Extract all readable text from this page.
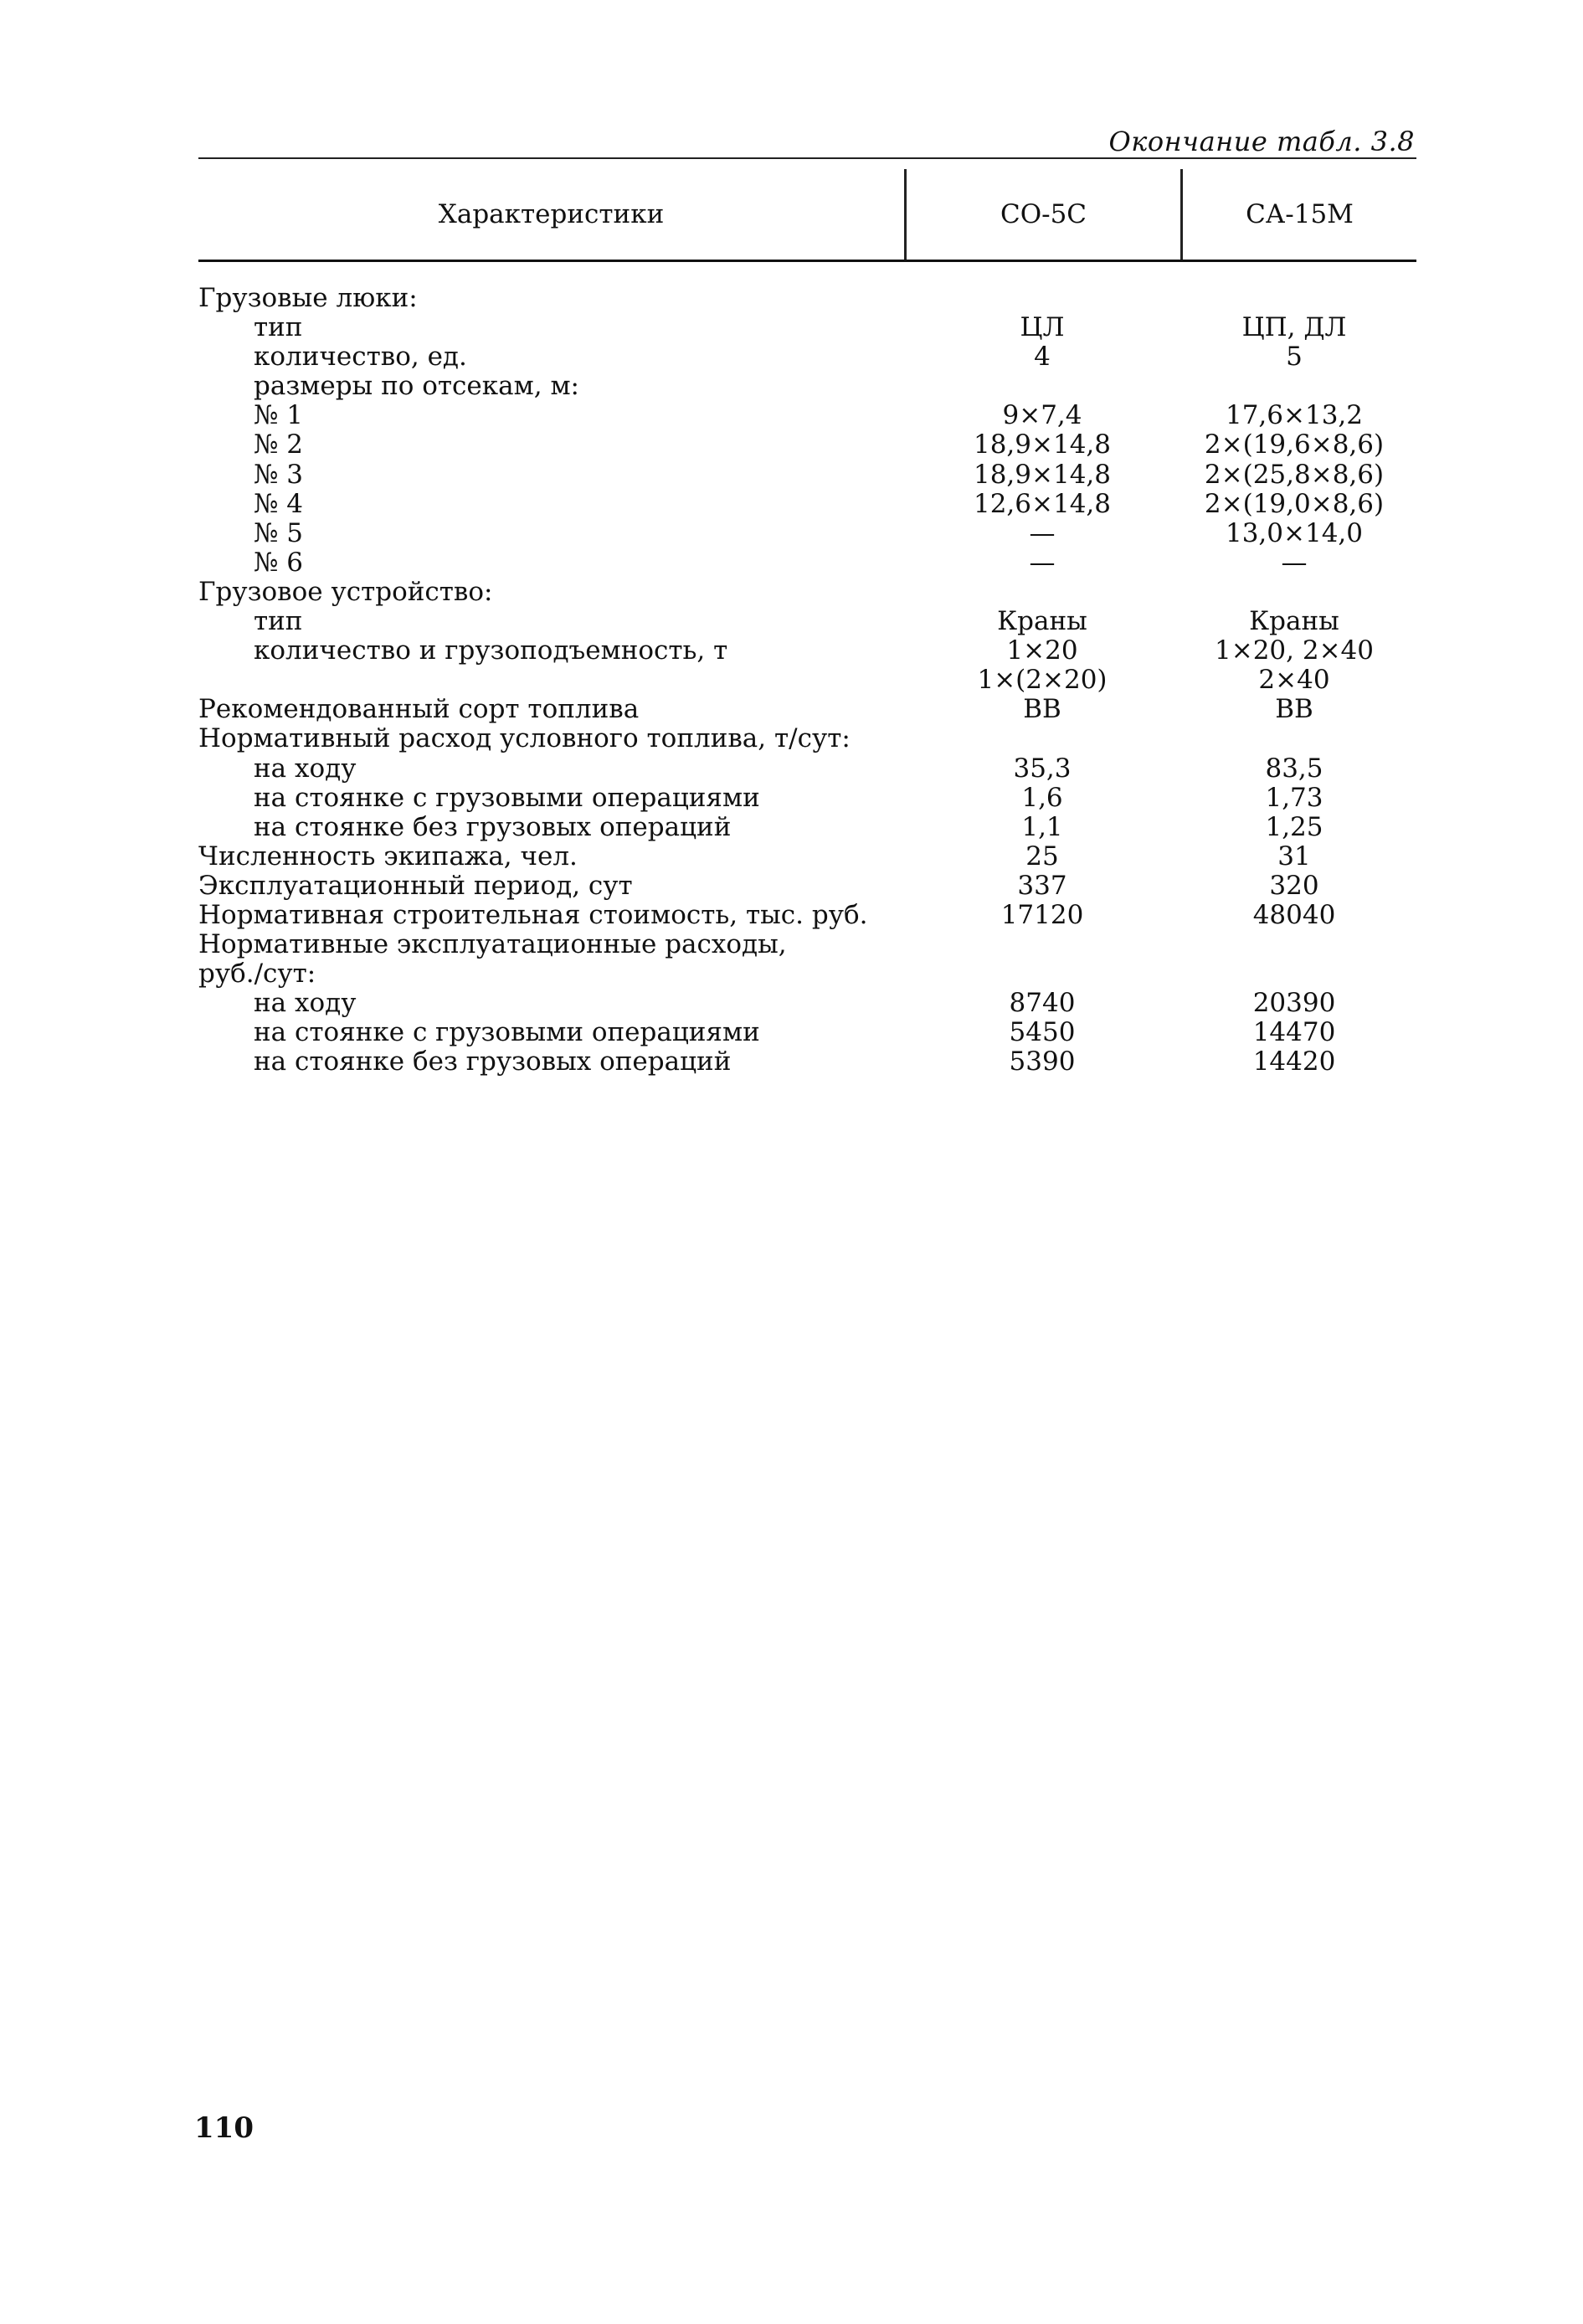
Окончание табл. 3.8
Характеристики	СО-5С	СА-15М
Грузовые люки:
тип	ЦЛ	ЦП, ДЛ
количество, ед.	4	5
размеры по отсекам, м:
№ 1	9×7,4	17,6×13,2
№ 2	18,9×14,8	2×(19,6×8,6)
№ 3	18,9×14,8	2×(25,8×8,6)
№ 4	12,6×14,8	2×(19,0×8,6)
№ 5	—	13,0×14,0
№ 6	—	—
Грузовое устройство:
тип	Краны	Краны
количество и грузоподъемность, т	1×20	1×20, 2×40
1×(2×20)	2×40
Рекомендованный сорт топлива	ВВ	ВВ
Нормативный расход условного топлива, т/сут:
на ходу	35,3	83,5
на стоянке с грузовыми операциями	1,6	1,73
на стоянке без грузовых операций	1,1	1,25
Численность экипажа, чел.	25	31
Эксплуатационный период, сут	337	320
Нормативная строительная стоимость, тыс. руб.	17120	48040
Нормативные эксплуатационные расходы,
руб./сут:
на ходу	8740	20390
на стоянке с грузовыми операциями	5450	14470
на стоянке без грузовых операций	5390	14420
110
